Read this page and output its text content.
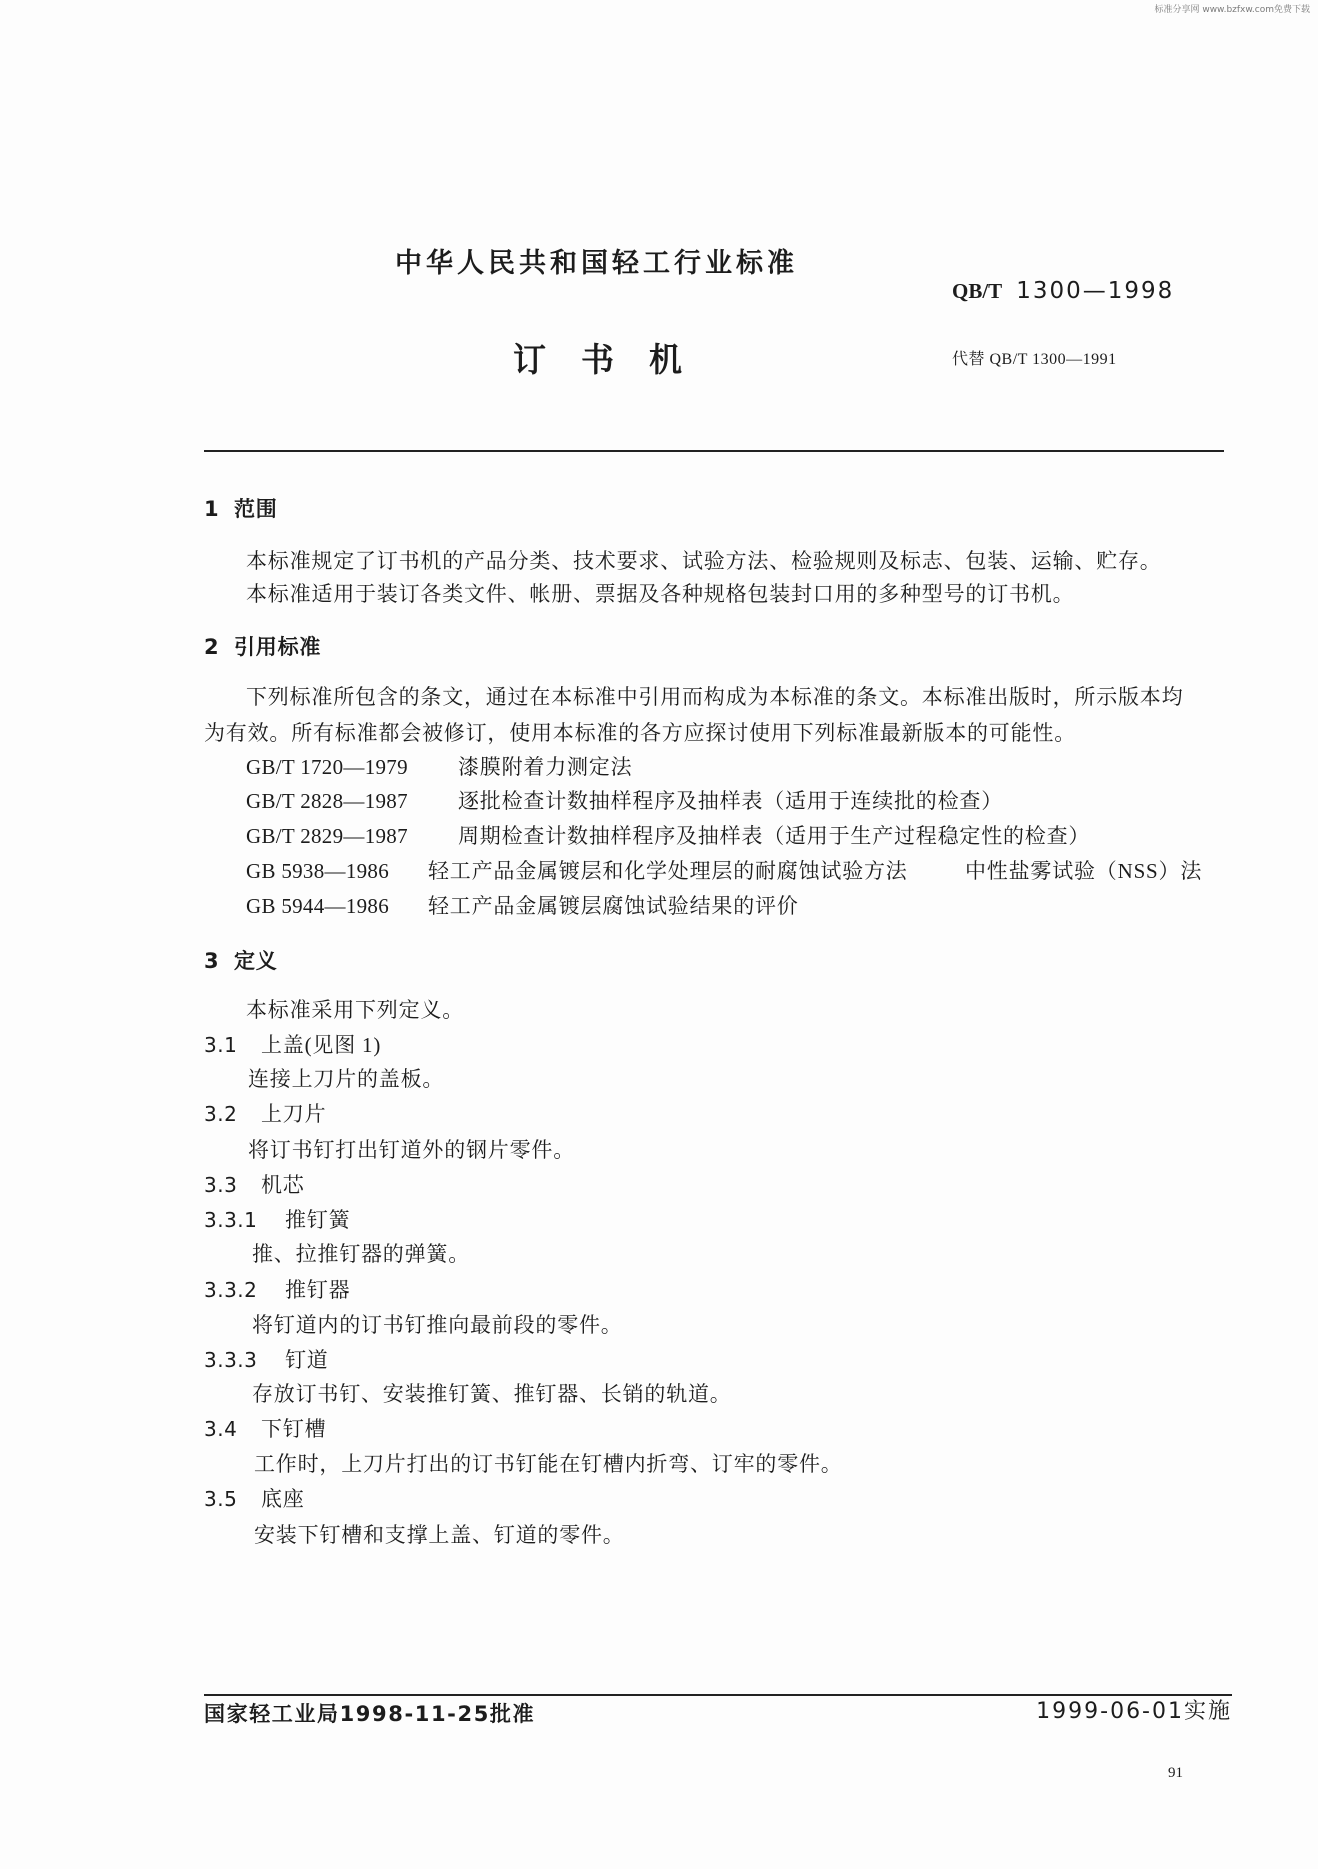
标准分享网 www.bzfxw.com免费下载
中华人民共和国轻工行业标准
QB/T 1300—1998
订书机	代替 QB/T 1300—1991
1 范围
本标准规定了订书机的产品分类、技术要求、试验方法、检验规则及标志、包装、运输、贮存。
本标准适用于装订各类文件、帐册、票据及各种规格包装封口用的多种型号的订书机。
2 引用标准
下列标准所包含的条文，通过在本标准中引用而构成为本标准的条文。本标准出版时，所示版本均
为有效。所有标准都会被修订，使用本标准的各方应探讨使用下列标准最新版本的可能性。
GB/T 1720—1979 漆膜附着力测定法
GB/T 2828—1987 逐批检查计数抽样程序及抽样表（适用于连续批的检查）
GB/T 2829—1987 周期检查计数抽样程序及抽样表（适用于生产过程稳定性的检查）
GB 5938—1986 轻工产品金属镀层和化学处理层的耐腐蚀试验方法	中性盐雾试验（NSS）法
GB 5944—1986 轻工产品金属镀层腐蚀试验结果的评价
3 定义
本标准采用下列定义。
3.1 上盖(见图 1)
连接上刀片的盖板。
3.2 上刀片
将订书钉打出钉道外的钢片零件。
3.3 机芯
3.3.1 推钉簧
推、拉推钉器的弹簧。
3.3.2 推钉器
将钉道内的订书钉推向最前段的零件。
3.3.3 钉道
存放订书钉、安装推钉簧、推钉器、长销的轨道。
3.4 下钉槽
工作时，上刀片打出的订书钉能在钉槽内折弯、订牢的零件。
3.5 底座
安装下钉槽和支撑上盖、钉道的零件。
国家轻工业局1998-11-25批准	1999-06-01实施
91
